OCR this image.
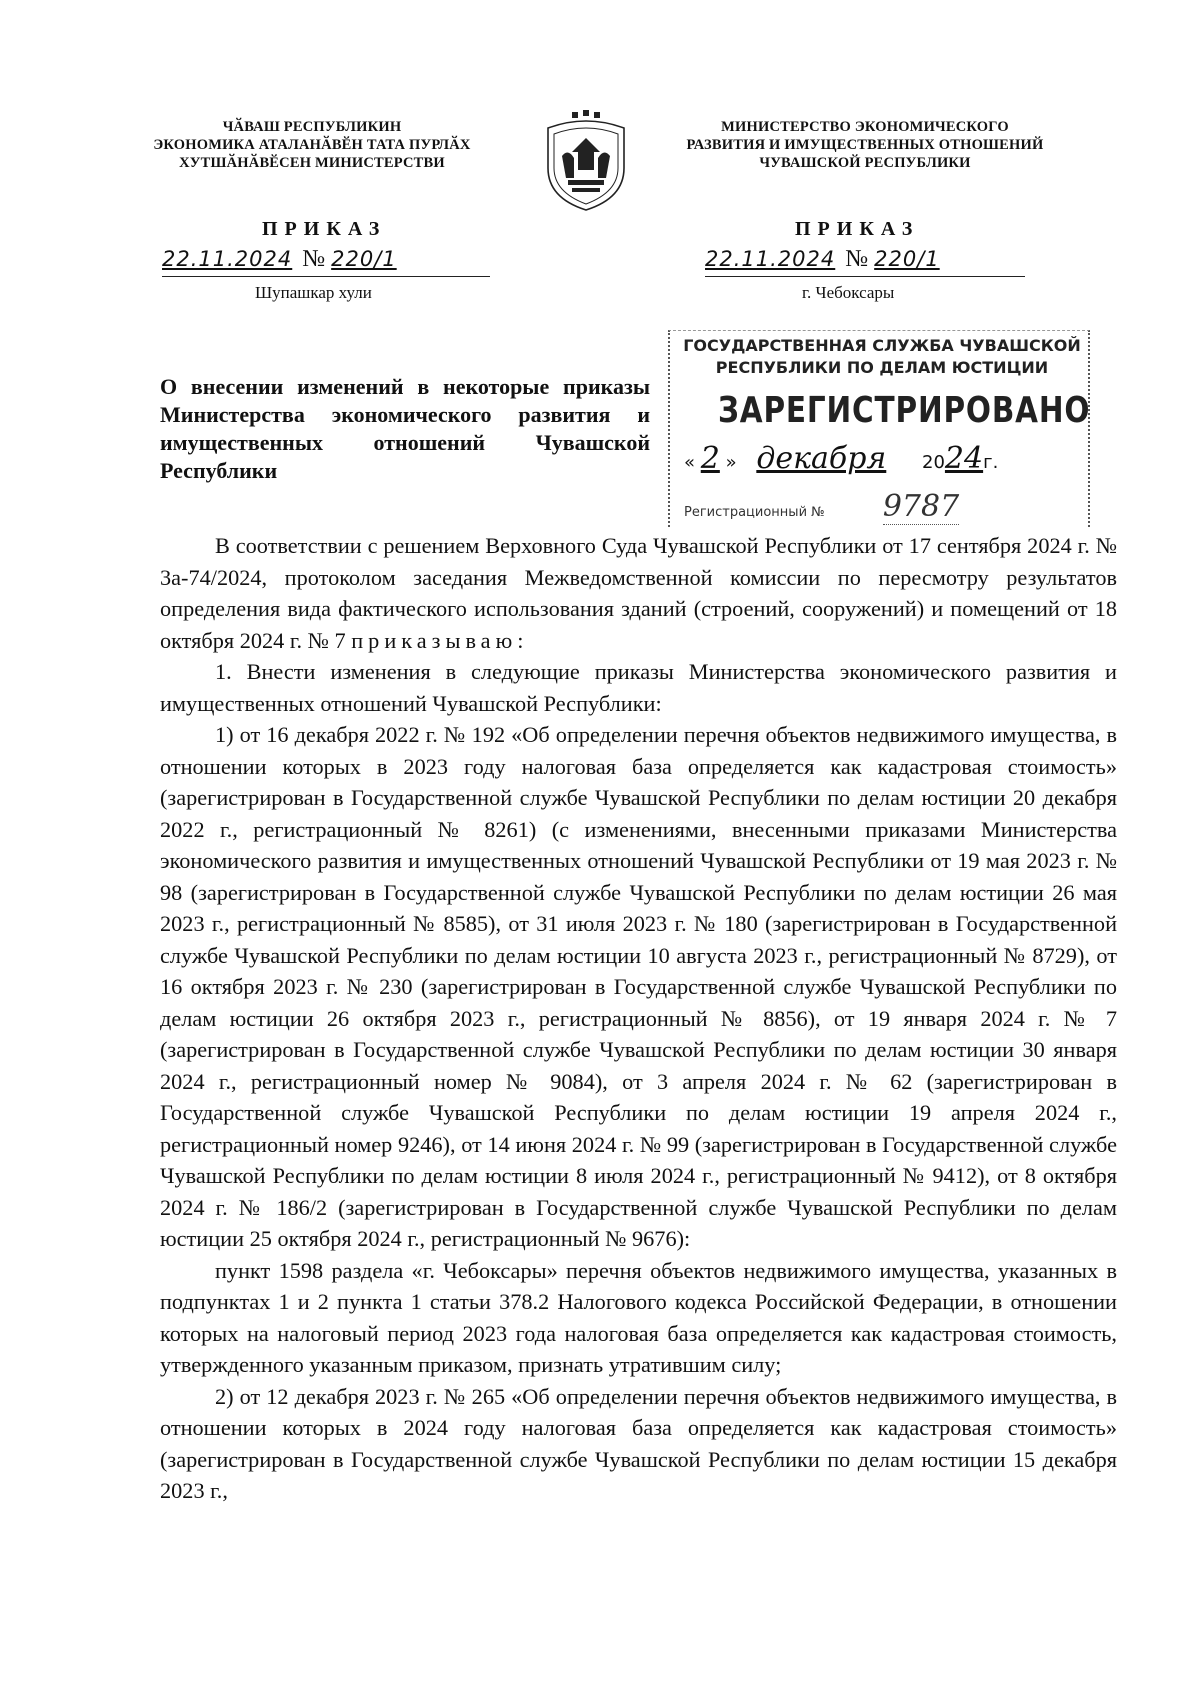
ЧӐВАШ РЕСПУБЛИКИН
ЭКОНОМИКА АТАЛАНӐВӖН ТАТА ПУРЛӐХ
ХУТШӐНӐВӖСЕН МИНИСТЕРСТВИ
МИНИСТЕРСТВО ЭКОНОМИЧЕСКОГО
РАЗВИТИЯ И ИМУЩЕСТВЕННЫХ ОТНОШЕНИЙ
ЧУВАШСКОЙ РЕСПУБЛИКИ
ПРИКАЗ	ПРИКАЗ
22.11.2024 № 220/1	22.11.2024 № 220/1
Шупашкар хули	г. Чебоксары
О внесении изменений в некоторые приказы Министерства экономического развития и имущественных отношений Чувашской Республики
ГОСУДАРСТВЕННАЯ СЛУЖБА ЧУВАШСКОЙ
РЕСПУБЛИКИ ПО ДЕЛАМ ЮСТИЦИИ
ЗАРЕГИСТРИРОВАНО
« 2 » декабря 2024г.
Регистрационный № 9787

В соответствии с решением Верховного Суда Чувашской Республики от 17 сентября 2024 г. № 3а-74/2024, протоколом заседания Межведомственной комиссии по пересмотру результатов определения вида фактического использования зданий (строений, сооружений) и помещений от 18 октября 2024 г. № 7 приказываю:

1. Внести изменения в следующие приказы Министерства экономического развития и имущественных отношений Чувашской Республики:

1) от 16 декабря 2022 г. № 192 «Об определении перечня объектов недвижимого имущества, в отношении которых в 2023 году налоговая база определяется как кадастровая стоимость» (зарегистрирован в Государственной службе Чувашской Республики по делам юстиции 20 декабря 2022 г., регистрационный № 8261) (с изменениями, внесенными приказами Министерства экономического развития и имущественных отношений Чувашской Республики от 19 мая 2023 г. № 98 (зарегистрирован в Государственной службе Чувашской Республики по делам юстиции 26 мая 2023 г., регистрационный № 8585), от 31 июля 2023 г. № 180 (зарегистрирован в Государственной службе Чувашской Республики по делам юстиции 10 августа 2023 г., регистрационный № 8729), от 16 октября 2023 г. № 230 (зарегистрирован в Государственной службе Чувашской Республики по делам юстиции 26 октября 2023 г., регистрационный № 8856), от 19 января 2024 г. № 7 (зарегистрирован в Государственной службе Чувашской Республики по делам юстиции 30 января 2024 г., регистрационный номер № 9084), от 3 апреля 2024 г. № 62 (зарегистрирован в Государственной службе Чувашской Республики по делам юстиции 19 апреля 2024 г., регистрационный номер 9246), от 14 июня 2024 г. № 99 (зарегистрирован в Государственной службе Чувашской Республики по делам юстиции 8 июля 2024 г., регистрационный № 9412), от 8 октября 2024 г. № 186/2 (зарегистрирован в Государственной службе Чувашской Республики по делам юстиции 25 октября 2024 г., регистрационный № 9676):

пункт 1598 раздела «г. Чебоксары» перечня объектов недвижимого имущества, указанных в подпунктах 1 и 2 пункта 1 статьи 378.2 Налогового кодекса Российской Федерации, в отношении которых на налоговый период 2023 года налоговая база определяется как кадастровая стоимость, утвержденного указанным приказом, признать утратившим силу;

2) от 12 декабря 2023 г. № 265 «Об определении перечня объектов недвижимого имущества, в отношении которых в 2024 году налоговая база определяется как кадастровая стоимость» (зарегистрирован в Государственной службе Чувашской Республики по делам юстиции 15 декабря 2023 г.,
